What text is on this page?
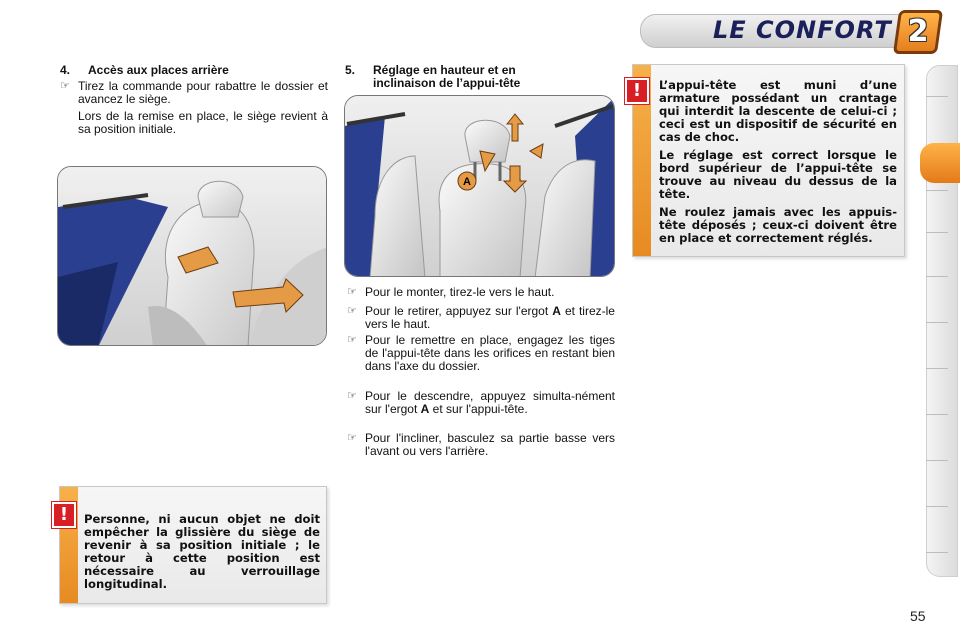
LE CONFORT 2
4. Accès aux places arrière
☞ Tirez la commande pour rabattre le dossier et avancez le siège.
Lors de la remise en place, le siège revient à sa position initiale.
5. Réglage en hauteur et en
inclinaison de l’appui-tête
A
☞ Pour le monter, tirez-le vers le haut.
☞ Pour le retirer, appuyez sur l'ergot A et tirez-le vers le haut.
☞ Pour le remettre en place, engagez les tiges de l'appui-tête dans les orifices en restant bien dans l'axe du dossier.
☞ Pour le descendre, appuyez simulta-nément sur l'ergot A et sur l'appui-tête.
☞ Pour l'incliner, basculez sa partie basse vers l'avant ou vers l'arrière.

L’appui-tête est muni d’une armature possédant un crantage qui interdit la descente de celui-ci ; ceci est un dispositif de sécurité en cas de choc.

Le réglage est correct lorsque le bord supérieur de l’appui-tête se trouve au niveau du dessus de la tête.

Ne roulez jamais avec les appuis-tête déposés ; ceux-ci doivent être en place et correctement réglés.

!

Personne, ni aucun objet ne doit empêcher la glissière du siège de revenir à sa position initiale ; le retour à cette position est nécessaire au verrouillage longitudinal.

!
55
